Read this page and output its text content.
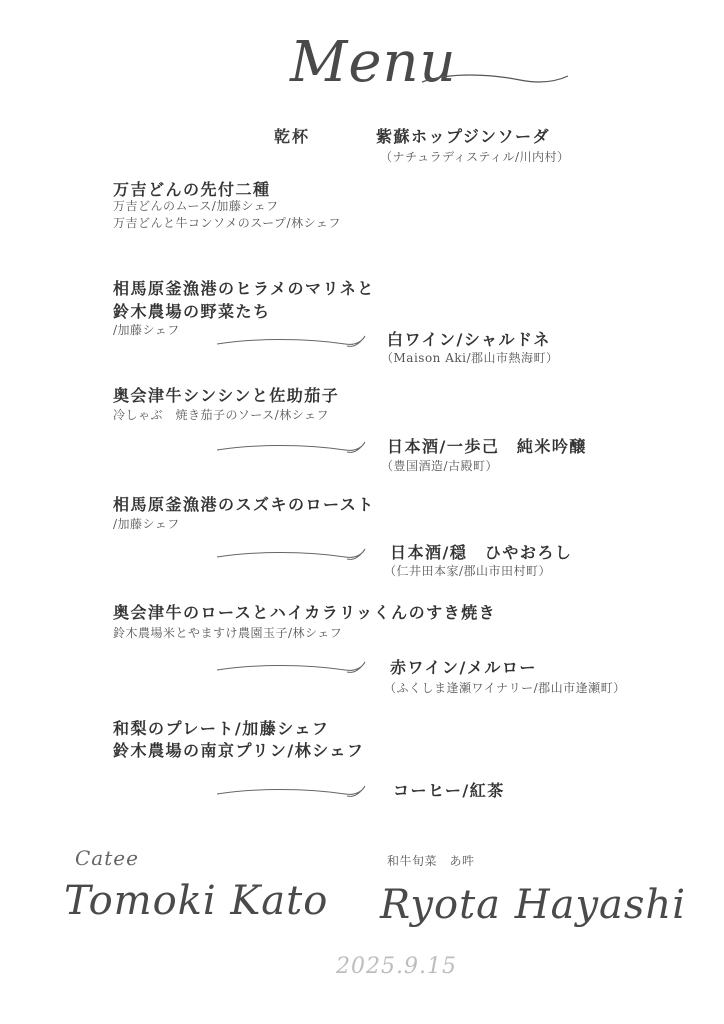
Menu
乾杯	紫蘇ホップジンソーダ
（ナチュラディスティル/川内村）
万吉どんの先付二種
万吉どんのムース/加藤シェフ
万吉どんと牛コンソメのスープ/林シェフ
相馬原釜漁港のヒラメのマリネと
鈴木農場の野菜たち
/加藤シェフ	白ワイン/シャルドネ
（Maison Aki/郡山市熱海町）
奥会津牛シンシンと佐助茄子
冷しゃぶ　焼き茄子のソース/林シェフ
日本酒/一歩己　純米吟醸
（豊国酒造/古殿町）
相馬原釜漁港のスズキのロースト
/加藤シェフ
日本酒/穏　ひやおろし
（仁井田本家/郡山市田村町）
奥会津牛のロースとハイカラリッくんのすき焼き
鈴木農場米とやますけ農園玉子/林シェフ
赤ワイン/メルロー
（ふくしま逢瀬ワイナリー/郡山市逢瀬町）
和梨のプレート/加藤シェフ
鈴木農場の南京プリン/林シェフ
コーヒー/紅茶
Catee
Tomoki Kato
和牛旬菜　あ吽
Ryota Hayashi
2025.9.15
